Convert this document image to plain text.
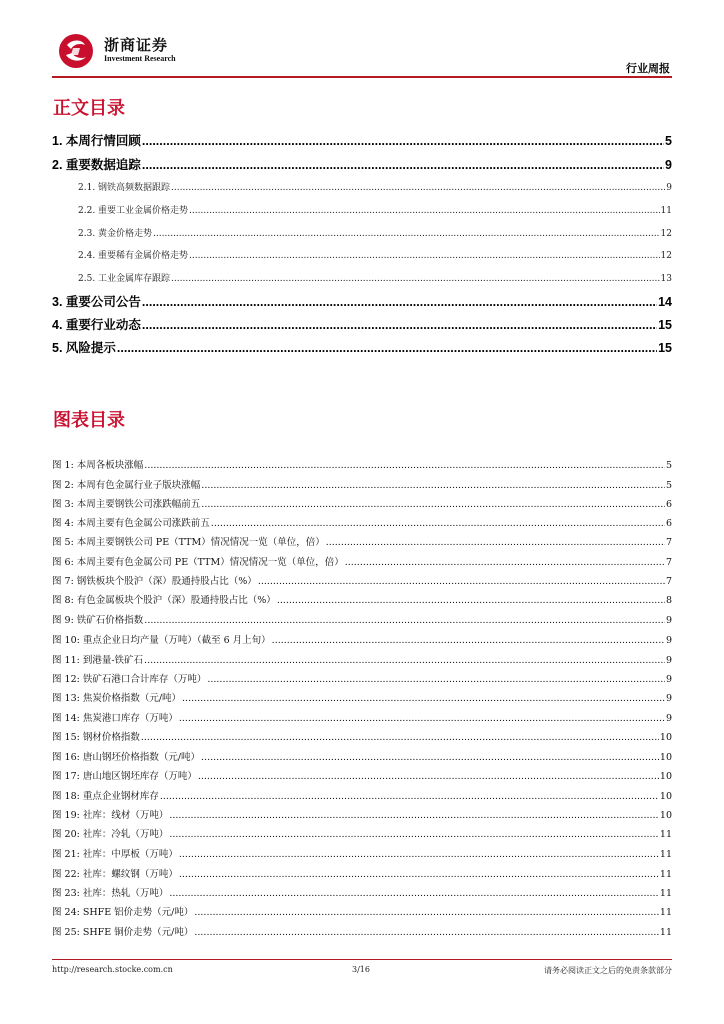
浙商证券
Investment Research
行业周报
正文目录
1. 本周行情回顾 .....	5
2. 重要数据追踪 .....	9
2.1. 钢铁高频数据跟踪 .....	9
2.2. 重要工业金属价格走势 .....	11
2.3. 黄金价格走势 .....	12
2.4. 重要稀有金属价格走势 .....	12
2.5. 工业金属库存跟踪 .....	13
3. 重要公司公告 .....	14
4. 重要行业动态 .....	15
5. 风险提示 .....	15
图表目录
图 1: 本周各板块涨幅 .....	5
图 2: 本周有色金属行业子版块涨幅 .....	5
图 3: 本周主要钢铁公司涨跌幅前五 .....	6
图 4: 本周主要有色金属公司涨跌前五 .....	6
图 5: 本周主要钢铁公司 PE（TTM）情况情况一览（单位，倍） .....	7
图 6: 本周主要有色金属公司 PE（TTM）情况情况一览（单位，倍） .....	7
图 7: 钢铁板块个股沪（深）股通持股占比（%） .....	7
图 8: 有色金属板块个股沪（深）股通持股占比（%） .....	8
图 9: 铁矿石价格指数 .....	9
图 10: 重点企业日均产量（万吨）（截至 6 月上旬） .....	9
图 11: 到港量-铁矿石 .....	9
图 12: 铁矿石港口合计库存（万吨） .....	9
图 13: 焦炭价格指数（元/吨） .....	9
图 14: 焦炭港口库存（万吨） .....	9
图 15: 钢材价格指数 .....	10
图 16: 唐山钢坯价格指数（元/吨） .....	10
图 17: 唐山地区钢坯库存（万吨） .....	10
图 18: 重点企业钢材库存 .....	10
图 19: 社库：线材（万吨） .....	10
图 20: 社库：冷轧（万吨） .....	11
图 21: 社库：中厚板（万吨） .....	11
图 22: 社库：螺纹钢（万吨） .....	11
图 23: 社库：热轧（万吨） .....	11
图 24: SHFE 铝价走势（元/吨） .....	11
图 25: SHFE 铜价走势（元/吨） .....	11
http://research.stocke.com.cn	3/16	请务必阅读正文之后的免责条款部分
